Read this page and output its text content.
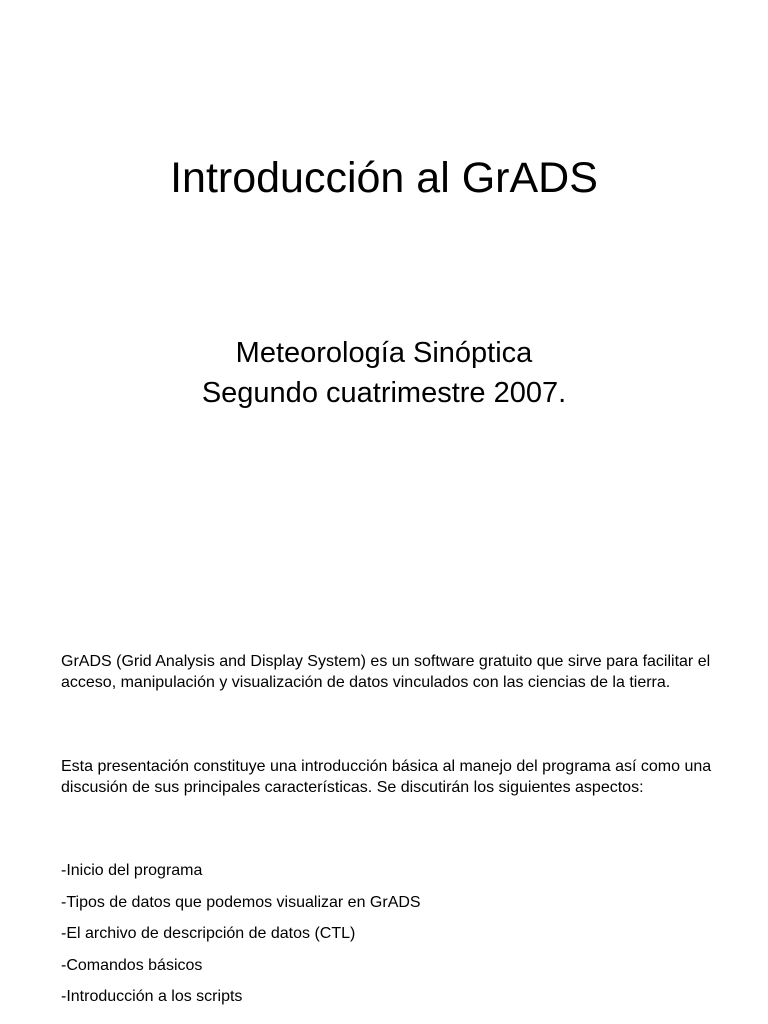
Introducción al GrADS
Meteorología Sinóptica
Segundo cuatrimestre 2007.

GrADS (Grid Analysis and Display System) es un software gratuito que sirve para facilitar el acceso, manipulación y visualización de datos vinculados con las ciencias de la tierra.

Esta presentación constituye una introducción básica al manejo del programa así como una discusión de sus principales características. Se discutirán los siguientes aspectos:

-Inicio del programa
-Tipos de datos que podemos visualizar en GrADS
-El archivo de descripción de datos (CTL)
-Comandos básicos
-Introducción a los scripts
